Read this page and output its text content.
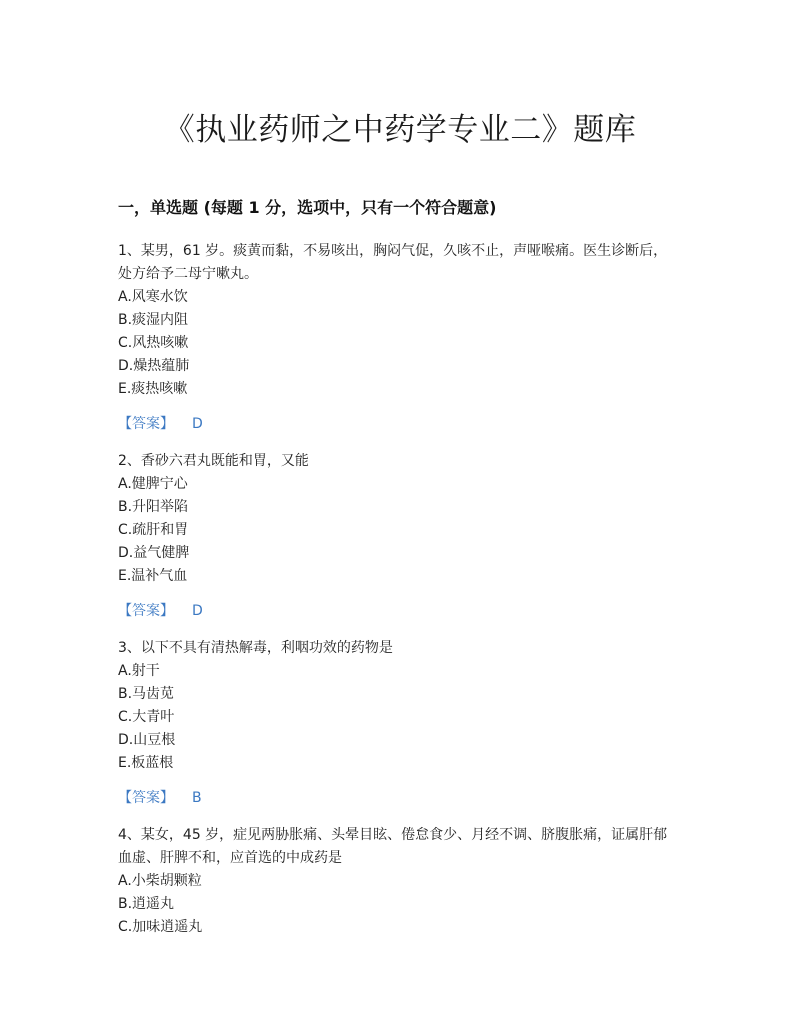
《执业药师之中药学专业二》题库
一，单选题 (每题 1 分，选项中，只有一个符合题意)

1、某男，61 岁。痰黄而黏，不易咳出，胸闷气促，久咳不止，声哑喉痛。医生诊断后，

处方给予二母宁嗽丸。

A.风寒水饮

B.痰湿内阻

C.风热咳嗽

D.燥热蕴肺

E.痰热咳嗽

【答案】 D

2、香砂六君丸既能和胃，又能

A.健脾宁心

B.升阳举陷

C.疏肝和胃

D.益气健脾

E.温补气血

【答案】 D

3、以下不具有清热解毒，利咽功效的药物是

A.射干

B.马齿苋

C.大青叶

D.山豆根

E.板蓝根

【答案】 B

4、某女，45 岁，症见两胁胀痛、头晕目眩、倦怠食少、月经不调、脐腹胀痛，证属肝郁

血虚、肝脾不和，应首选的中成药是

A.小柴胡颗粒

B.逍遥丸

C.加味逍遥丸
